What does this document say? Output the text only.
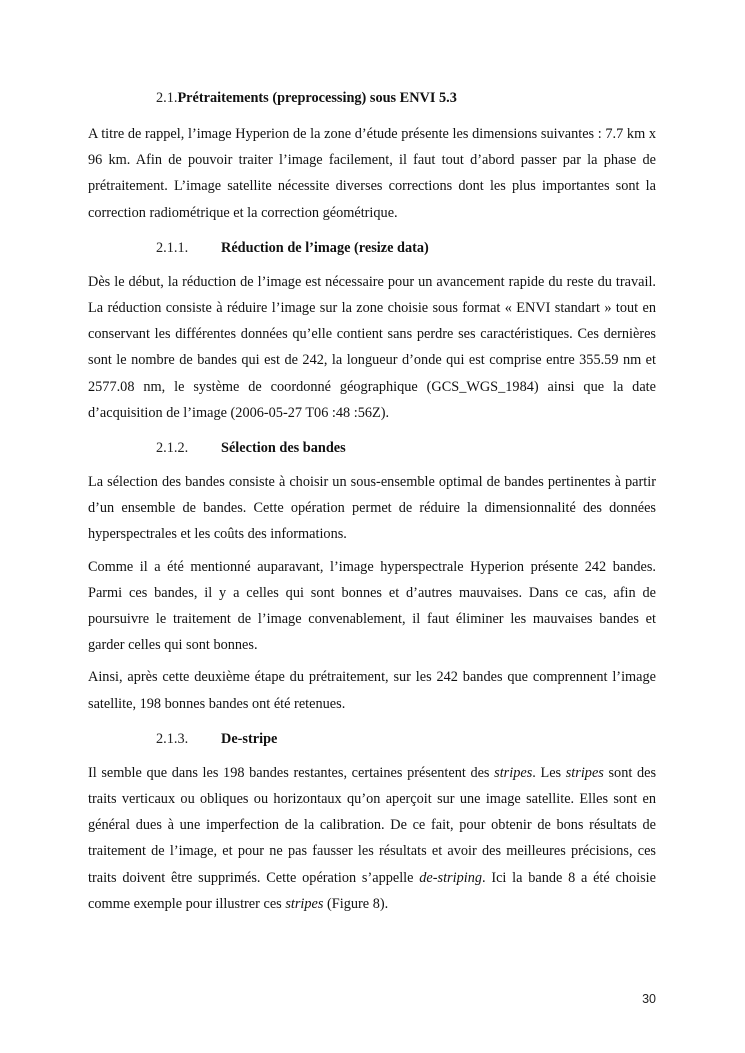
2.1. Prétraitements (preprocessing) sous ENVI 5.3

A titre de rappel, l’image Hyperion de la zone d’étude présente les dimensions suivantes : 7.7 km x 96 km. Afin de pouvoir traiter l’image facilement, il faut tout d’abord passer par la phase de prétraitement. L’image satellite nécessite diverses corrections dont les plus importantes sont la correction radiométrique et la correction géométrique.

2.1.1.	Réduction de l’image (resize data)

Dès le début, la réduction de l’image est nécessaire pour un avancement rapide du reste du travail. La réduction consiste à réduire l’image sur la zone choisie sous format « ENVI standart » tout en conservant les différentes données qu’elle contient sans perdre ses caractéristiques. Ces dernières sont le nombre de bandes qui est de 242, la longueur d’onde qui est comprise entre 355.59 nm et 2577.08 nm, le système de coordonné géographique (GCS_WGS_1984) ainsi que la date d’acquisition de l’image (2006-05-27 T06 :48 :56Z).

2.1.2.	Sélection des bandes

La sélection des bandes consiste à choisir un sous-ensemble optimal de bandes pertinentes à partir d’un ensemble de bandes. Cette opération permet de réduire la dimensionnalité des données hyperspectrales et les coûts des informations.

Comme il a été mentionné auparavant, l’image hyperspectrale Hyperion présente 242 bandes. Parmi ces bandes, il y a celles qui sont bonnes et d’autres mauvaises. Dans ce cas, afin de poursuivre le traitement de l’image convenablement, il faut éliminer les mauvaises bandes et garder celles qui sont bonnes.

Ainsi, après cette deuxième étape du prétraitement, sur les 242 bandes que comprennent l’image satellite, 198 bonnes bandes ont été retenues.

2.1.3.	De-stripe

Il semble que dans les 198 bandes restantes, certaines présentent des stripes. Les stripes sont des traits verticaux ou obliques ou horizontaux qu’on aperçoit sur une image satellite. Elles sont en général dues à une imperfection de la calibration. De ce fait, pour obtenir de bons résultats de traitement de l’image, et pour ne pas fausser les résultats et avoir des meilleures précisions, ces traits doivent être supprimés. Cette opération s’appelle de-striping. Ici la bande 8 a été choisie comme exemple pour illustrer ces stripes (Figure 8).

30
